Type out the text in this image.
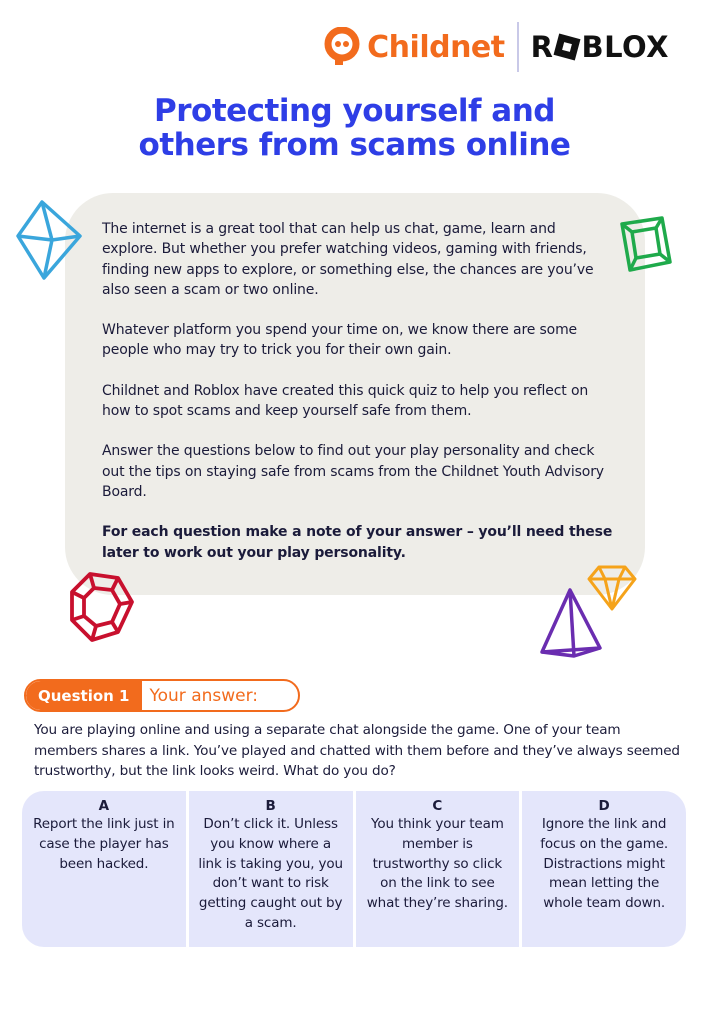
Childnet R BLOX
Protecting yourself and
others from scams online

The internet is a great tool that can help us chat, game, learn and explore. But whether you prefer watching videos, gaming with friends, finding new apps to explore, or something else, the chances are you’ve also seen a scam or two online.

Whatever platform you spend your time on, we know there are some people who may try to trick you for their own gain.

Childnet and Roblox have created this quick quiz to help you reflect on how to spot scams and keep yourself safe from them.

Answer the questions below to find out your play personality and check out the tips on staying safe from scams from the Childnet Youth Advisory Board.

For each question make a note of your answer – you’ll need these later to work out your play personality.

Question 1	Your answer:
You are playing online and using a separate chat alongside the game. One of your team members shares a link. You’ve played and chatted with them before and they’ve always seemed trustworthy, but the link looks weird. What do you do?
A
Report the link just in case the player has been hacked.
B
Don’t click it. Unless you know where a link is taking you, you don’t want to risk getting caught out by a scam.
C
You think your team member is trustworthy so click on the link to see what they’re sharing.
D
Ignore the link and focus on the game. Distractions might mean letting the whole team down.
